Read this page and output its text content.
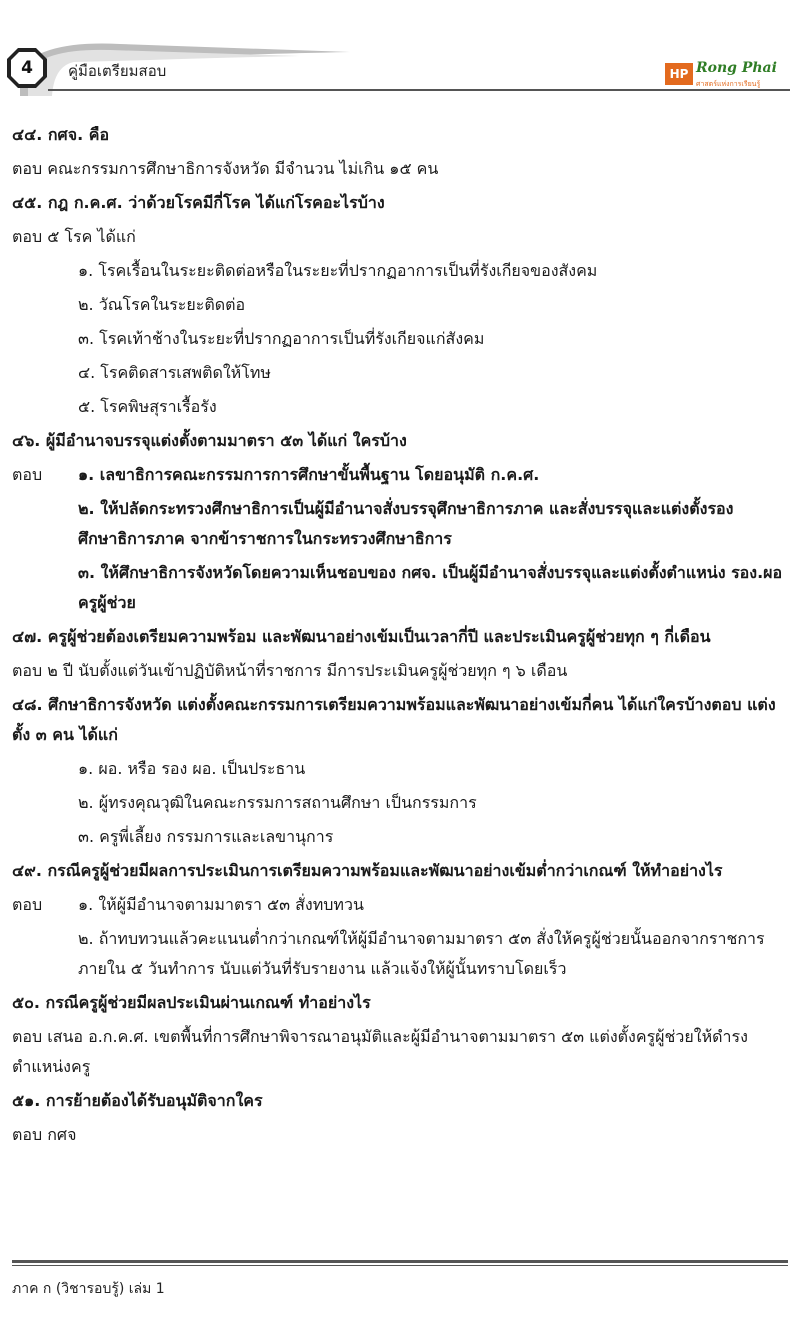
4	คู่มือเตรียมสอบ	HP Rong Phai
ศาสตร์แห่งการเรียนรู้
๔๔. กศจ. คือ
ตอบ คณะกรรมการศึกษาธิการจังหวัด มีจำนวน ไม่เกิน ๑๕ คน
๔๕. กฎ ก.ค.ศ. ว่าด้วยโรคมีกี่โรค ได้แก่โรคอะไรบ้าง
ตอบ ๕ โรค ได้แก่
๑. โรคเรื้อนในระยะติดต่อหรือในระยะที่ปรากฏอาการเป็นที่รังเกียจของสังคม
๒. วัณโรคในระยะติดต่อ
๓. โรคเท้าช้างในระยะที่ปรากฏอาการเป็นที่รังเกียจแก่สังคม
๔. โรคติดสารเสพติดให้โทษ
๕. โรคพิษสุราเรื้อรัง
๔๖. ผู้มีอำนาจบรรจุแต่งตั้งตามมาตรา ๕๓ ได้แก่ ใครบ้าง
ตอบ	๑. เลขาธิการคณะกรรมการการศึกษาขั้นพื้นฐาน โดยอนุมัติ ก.ค.ศ.
๒. ให้ปลัดกระทรวงศึกษาธิการเป็นผู้มีอำนาจสั่งบรรจุศึกษาธิการภาค และสั่งบรรจุและแต่งตั้งรองศึกษาธิการภาค จากข้าราชการในกระทรวงศึกษาธิการ
๓. ให้ศึกษาธิการจังหวัดโดยความเห็นชอบของ กศจ. เป็นผู้มีอำนาจสั่งบรรจุและแต่งตั้งตำแหน่ง รอง.ผอ ครูผู้ช่วย
๔๗. ครูผู้ช่วยต้องเตรียมความพร้อม และพัฒนาอย่างเข้มเป็นเวลากี่ปี และประเมินครูผู้ช่วยทุก ๆ กี่เดือน
ตอบ ๒ ปี นับตั้งแต่วันเข้าปฏิบัติหน้าที่ราชการ มีการประเมินครูผู้ช่วยทุก ๆ ๖ เดือน
๔๘. ศึกษาธิการจังหวัด แต่งตั้งคณะกรรมการเตรียมความพร้อมและพัฒนาอย่างเข้มกี่คน ได้แก่ใครบ้างตอบ แต่งตั้ง ๓ คน ได้แก่
๑. ผอ. หรือ รอง ผอ. เป็นประธาน
๒. ผู้ทรงคุณวุฒิในคณะกรรมการสถานศึกษา เป็นกรรมการ
๓. ครูพี่เลี้ยง กรรมการและเลขานุการ
๔๙. กรณีครูผู้ช่วยมีผลการประเมินการเตรียมความพร้อมและพัฒนาอย่างเข้มต่ำกว่าเกณฑ์ ให้ทำอย่างไร
ตอบ	๑. ให้ผู้มีอำนาจตามมาตรา ๕๓ สั่งทบทวน
๒. ถ้าทบทวนแล้วคะแนนต่ำกว่าเกณฑ์ให้ผู้มีอำนาจตามมาตรา ๕๓ สั่งให้ครูผู้ช่วยนั้นออกจากราชการภายใน ๕ วันทำการ นับแต่วันที่รับรายงาน แล้วแจ้งให้ผู้นั้นทราบโดยเร็ว
๕๐. กรณีครูผู้ช่วยมีผลประเมินผ่านเกณฑ์ ทำอย่างไร
ตอบ เสนอ อ.ก.ค.ศ. เขตพื้นที่การศึกษาพิจารณาอนุมัติและผู้มีอำนาจตามมาตรา ๕๓ แต่งตั้งครูผู้ช่วยให้ดำรงตำแหน่งครู
๕๑. การย้ายต้องได้รับอนุมัติจากใคร
ตอบ กศจ
ภาค ก (วิชารอบรู้) เล่ม 1
